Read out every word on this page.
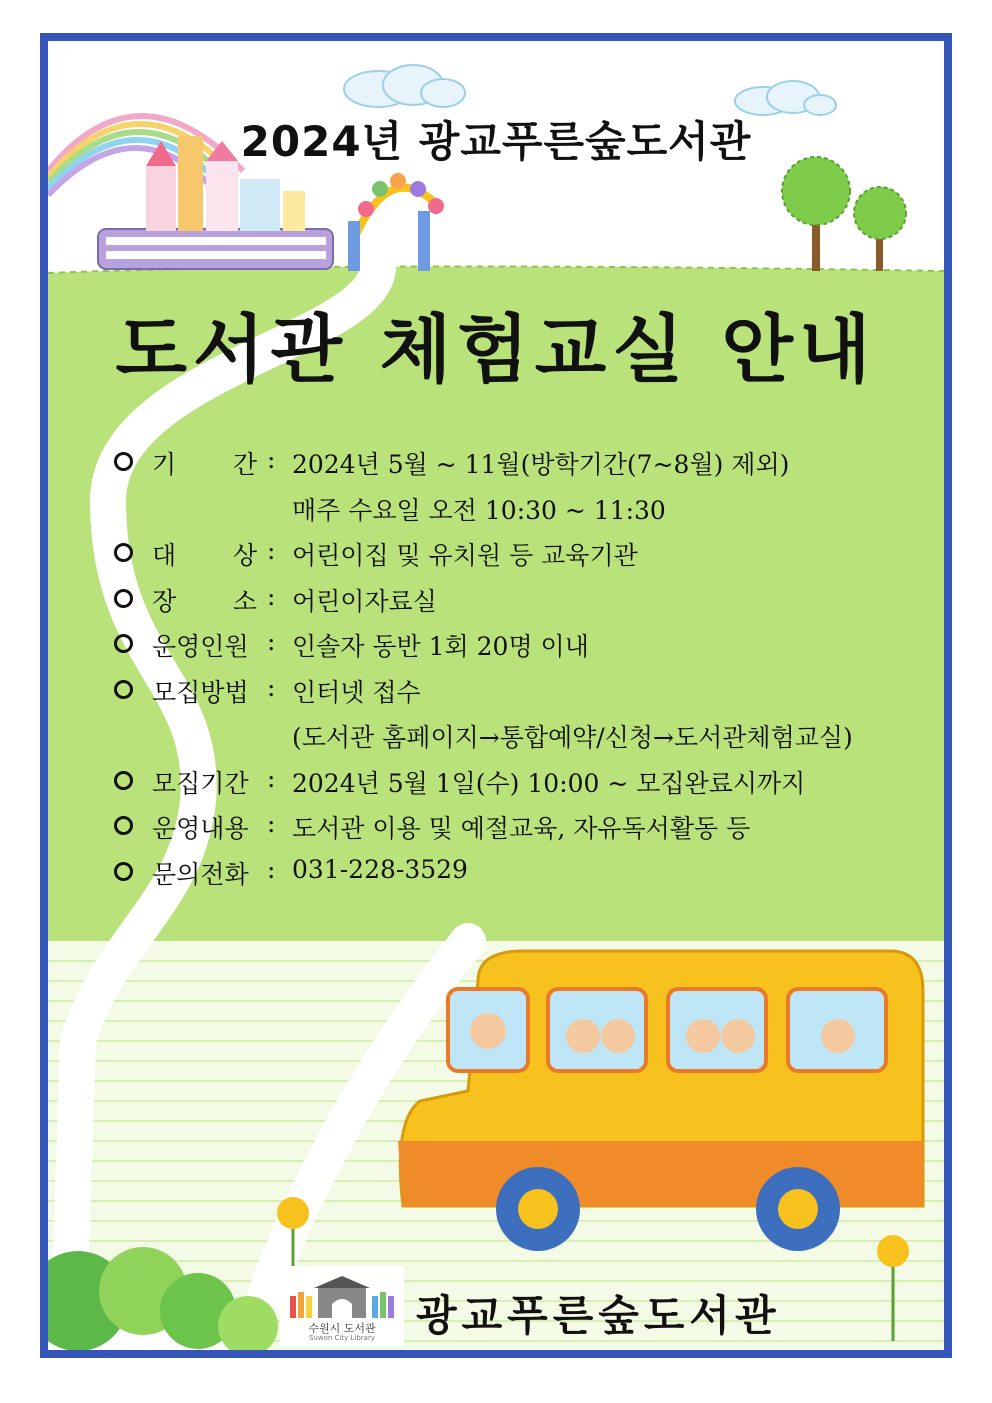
2024년 광교푸른숲도서관
도서관 체험교실 안내
기 간 : 2024년 5월 ~ 11월(방학기간(7~8월) 제외)
매주 수요일 오전 10:30 ~ 11:30
대 상 : 어린이집 및 유치원 등 교육기관
장 소 : 어린이자료실
운영인원 : 인솔자 동반 1회 20명 이내
모집방법 : 인터넷 접수
(도서관 홈페이지→통합예약/신청→도서관체험교실)
모집기간 : 2024년 5월 1일(수) 10:00 ~ 모집완료시까지
운영내용 : 도서관 이용 및 예절교육, 자유독서활동 등
문의전화 : 031-228-3529
수원시 도서관
Suwon City Library 광교푸른숲도서관
